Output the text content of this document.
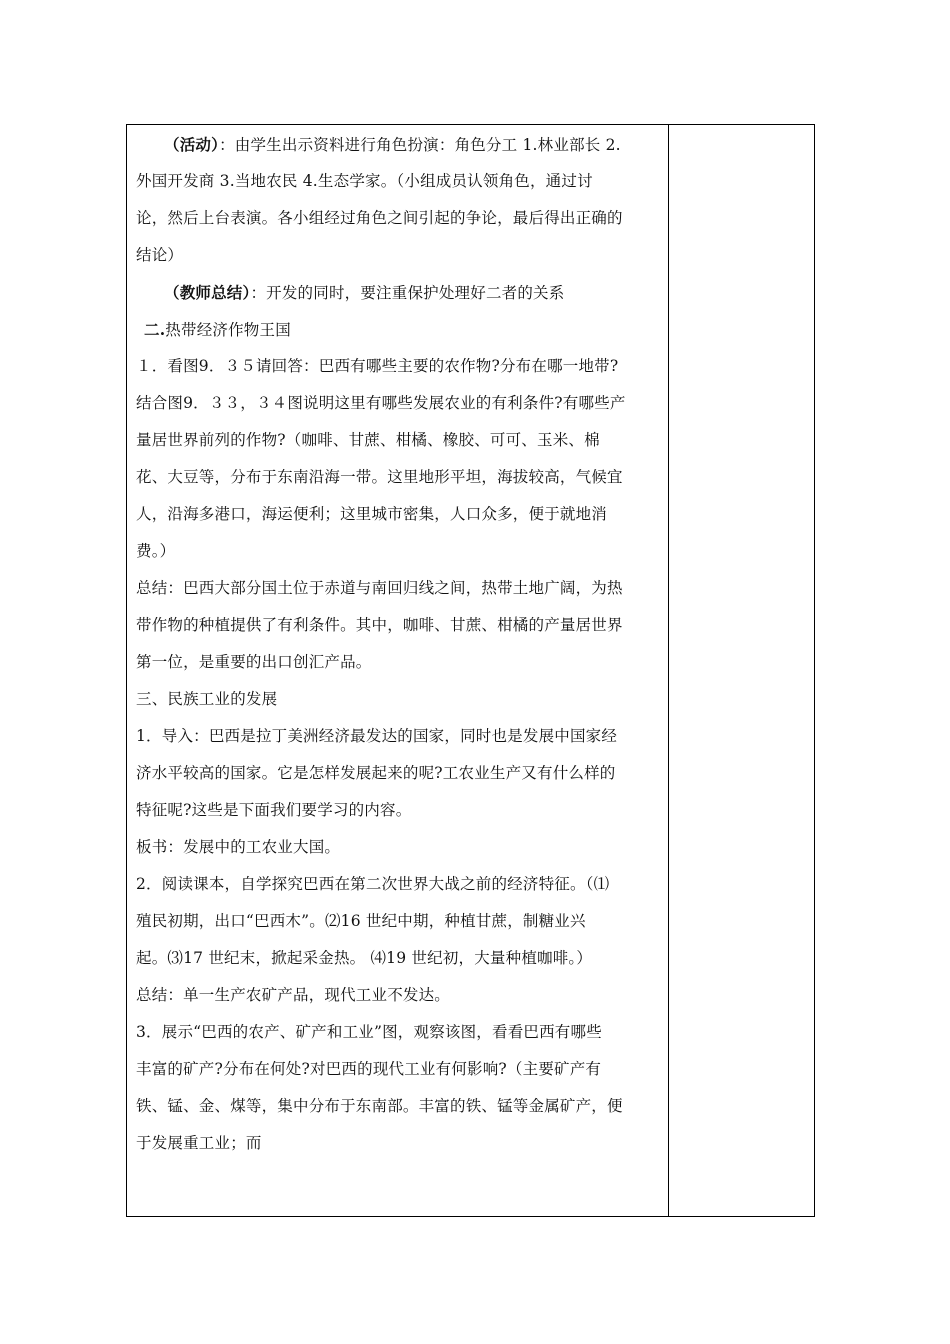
（活动）：由学生出示资料进行角色扮演：角色分工 1.林业部长 2.
外国开发商 3.当地农民 4.生态学家。（小组成员认领角色，通过讨
论，然后上台表演。各小组经过角色之间引起的争论，最后得出正确的
结论）
（教师总结）：开发的同时，要注重保护处理好二者的关系
二.热带经济作物王国
１．看图9．３５请回答：巴西有哪些主要的农作物?分布在哪一地带?
结合图9．３３，３４图说明这里有哪些发展农业的有利条件?有哪些产
量居世界前列的作物?（咖啡、甘蔗、柑橘、橡胶、可可、玉米、棉
花、大豆等，分布于东南沿海一带。这里地形平坦，海拔较高，气候宜
人，沿海多港口，海运便利；这里城市密集，人口众多，便于就地消
费。）
总结：巴西大部分国土位于赤道与南回归线之间，热带土地广阔，为热
带作物的种植提供了有利条件。其中，咖啡、甘蔗、柑橘的产量居世界
第一位，是重要的出口创汇产品。
三、民族工业的发展
1．导入：巴西是拉丁美洲经济最发达的国家，同时也是发展中国家经
济水平较高的国家。它是怎样发展起来的呢?工农业生产又有什么样的
特征呢?这些是下面我们要学习的内容。
板书：发展中的工农业大国。
2．阅读课本，自学探究巴西在第二次世界大战之前的经济特征。（⑴
殖民初期，出口“巴西木”。⑵16 世纪中期，种植甘蔗，制糖业兴
起。⑶17 世纪末，掀起采金热。 ⑷19 世纪初，大量种植咖啡。）
总结：单一生产农矿产品，现代工业不发达。
3．展示“巴西的农产、矿产和工业”图，观察该图，看看巴西有哪些
丰富的矿产?分布在何处?对巴西的现代工业有何影响?（主要矿产有
铁、锰、金、煤等，集中分布于东南部。丰富的铁、锰等金属矿产，便
于发展重工业；而
